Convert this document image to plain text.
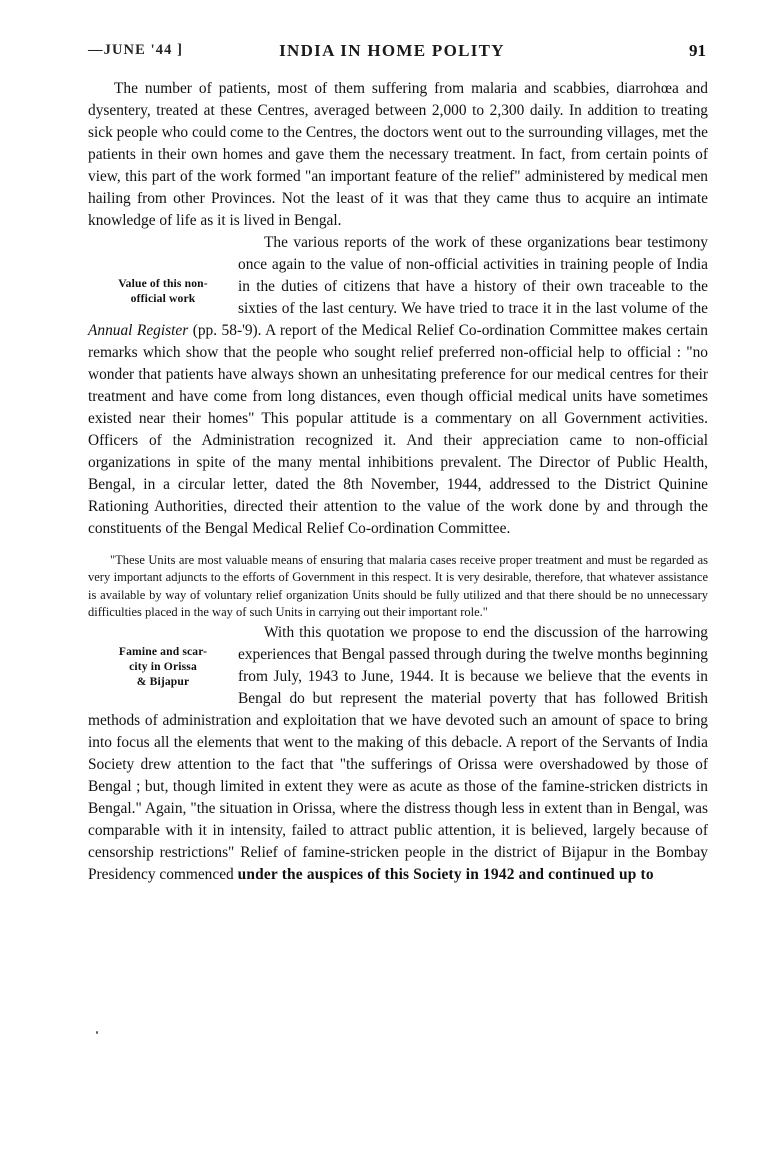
—JUNE '44 ]	INDIA IN HOME POLITY	91

The number of patients, most of them suffering from malaria and scabbies, diarrohœa and dysentery, treated at these Centres, averaged between 2,000 to 2,300 daily. In addition to treating sick people who could come to the Centres, the doctors went out to the surrounding villages, met the patients in their own homes and gave them the necessary treatment. In fact, from certain points of view, this part of the work formed "an important feature of the relief" administered by medical men hailing from other Provinces. Not the least of it was that they came thus to acquire an intimate knowledge of life as it is lived in Bengal.

Value of this non-
official work

The various reports of the work of these organizations bear testimony once again to the value of non-official activities in training people of India in the duties of citizens that have a history of their own traceable to the sixties of the last century. We have tried to trace it in the last volume of the Annual Register (pp. 58-'9). A report of the Medical Relief Co-ordination Committee makes certain remarks which show that the people who sought relief preferred non-official help to official : "no wonder that patients have always shown an unhesitating preference for our medical centres for their treatment and have come from long distances, even though official medical units have sometimes existed near their homes" This popular attitude is a commentary on all Government activities. Officers of the Administration recognized it. And their appreciation came to non-official organizations in spite of the many mental inhibitions prevalent. The Director of Public Health, Bengal, in a circular letter, dated the 8th November, 1944, addressed to the District Quinine Rationing Authorities, directed their attention to the value of the work done by and through the constituents of the Bengal Medical Relief Co-ordination Committee.

"These Units are most valuable means of ensuring that malaria cases receive proper treatment and must be regarded as very important adjuncts to the efforts of Government in this respect. It is very desirable, therefore, that whatever assistance is available by way of voluntary relief organization Units should be fully utilized and that there should be no unnecessary difficulties placed in the way of such Units in carrying out their important role."
Famine and scar-
city in Orissa
& Bijapur

With this quotation we propose to end the discussion of the harrowing experiences that Bengal passed through during the twelve months beginning from July, 1943 to June, 1944. It is because we believe that the events in Bengal do but represent the material poverty that has followed British methods of administration and exploitation that we have devoted such an amount of space to bring into focus all the elements that went to the making of this debacle. A report of the Servants of India Society drew attention to the fact that "the sufferings of Orissa were overshadowed by those of Bengal ; but, though limited in extent they were as acute as those of the famine-stricken districts in Bengal." Again, "the situation in Orissa, where the distress though less in extent than in Bengal, was comparable with it in intensity, failed to attract public attention, it is believed, largely because of censorship restrictions" Relief of famine-stricken people in the district of Bijapur in the Bombay Presidency commenced under the auspices of this Society in 1942 and continued up to
